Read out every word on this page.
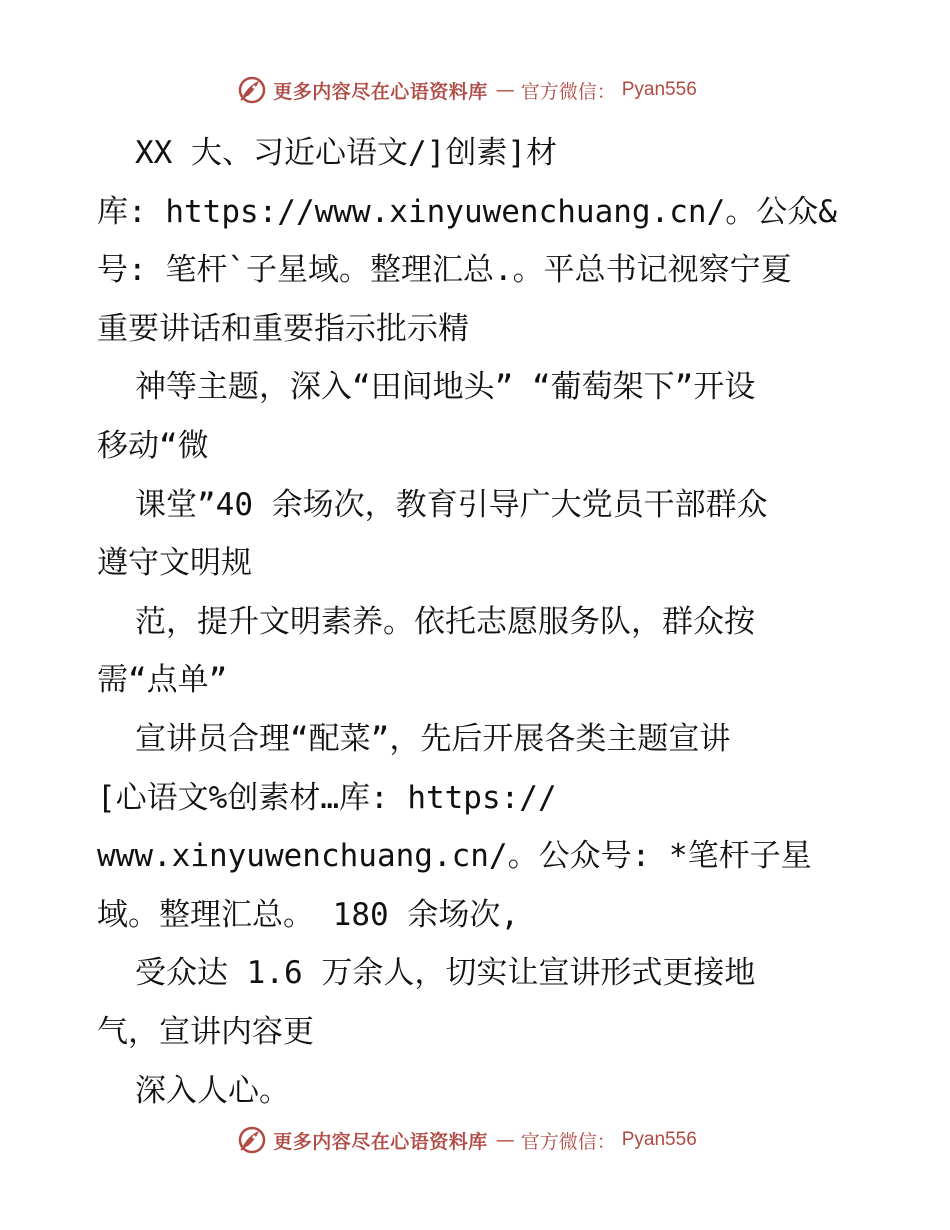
更多内容尽在心语资料库 — 官方微信： Pyan556
XX 大、习近心语文/]创素]材
库: https://www.xinyuwenchuang.cn/。公众&
号: 笔杆`子星域。整理汇总.。平总书记视察宁夏
重要讲话和重要指示批示精
神等主题，深入“田间地头” “葡萄架下”开设
移动“微
课堂”40 余场次，教育引导广大党员干部群众
遵守文明规
范，提升文明素养。依托志愿服务队，群众按
需“点单”
宣讲员合理“配菜”，先后开展各类主题宣讲
[心语文%创素材…库: https://
www.xinyuwenchuang.cn/。公众号: *笔杆子星
域。整理汇总。 180 余场次,
受众达 1.6 万余人，切实让宣讲形式更接地
气，宣讲内容更
深入人心。
更多内容尽在心语资料库 — 官方微信： Pyan556
